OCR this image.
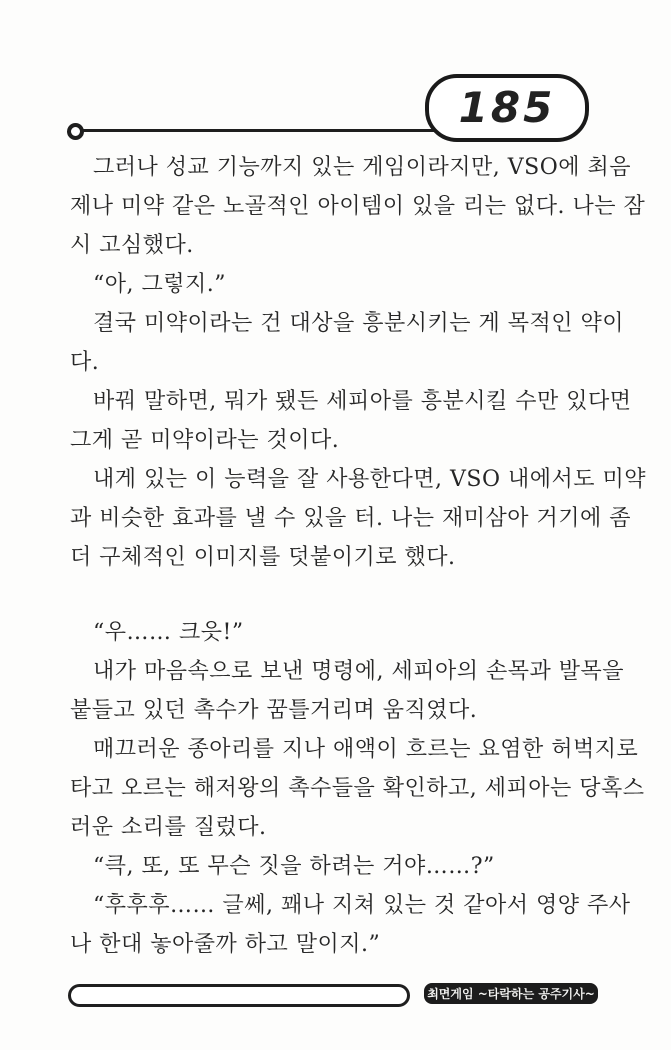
185
그러나 성교 기능까지 있는 게임이라지만, VSO에 최음
제나 미약 같은 노골적인 아이템이 있을 리는 없다. 나는 잠
시 고심했다.
“아, 그렇지.”
결국 미약이라는 건 대상을 흥분시키는 게 목적인 약이
다.
바꿔 말하면, 뭐가 됐든 세피아를 흥분시킬 수만 있다면
그게 곧 미약이라는 것이다.
내게 있는 이 능력을 잘 사용한다면, VSO 내에서도 미약
과 비슷한 효과를 낼 수 있을 터. 나는 재미삼아 거기에 좀
더 구체적인 이미지를 덧붙이기로 했다.
“우…… 크읏!”
내가 마음속으로 보낸 명령에, 세피아의 손목과 발목을
붙들고 있던 촉수가 꿈틀거리며 움직였다.
매끄러운 종아리를 지나 애액이 흐르는 요염한 허벅지로
타고 오르는 해저왕의 촉수들을 확인하고, 세피아는 당혹스
러운 소리를 질렀다.
“큭, 또, 또 무슨 짓을 하려는 거야……?”
“후후후…… 글쎄, 꽤나 지쳐 있는 것 같아서 영양 주사
나 한대 놓아줄까 하고 말이지.”
최면게임 ~타락하는 공주기사~
